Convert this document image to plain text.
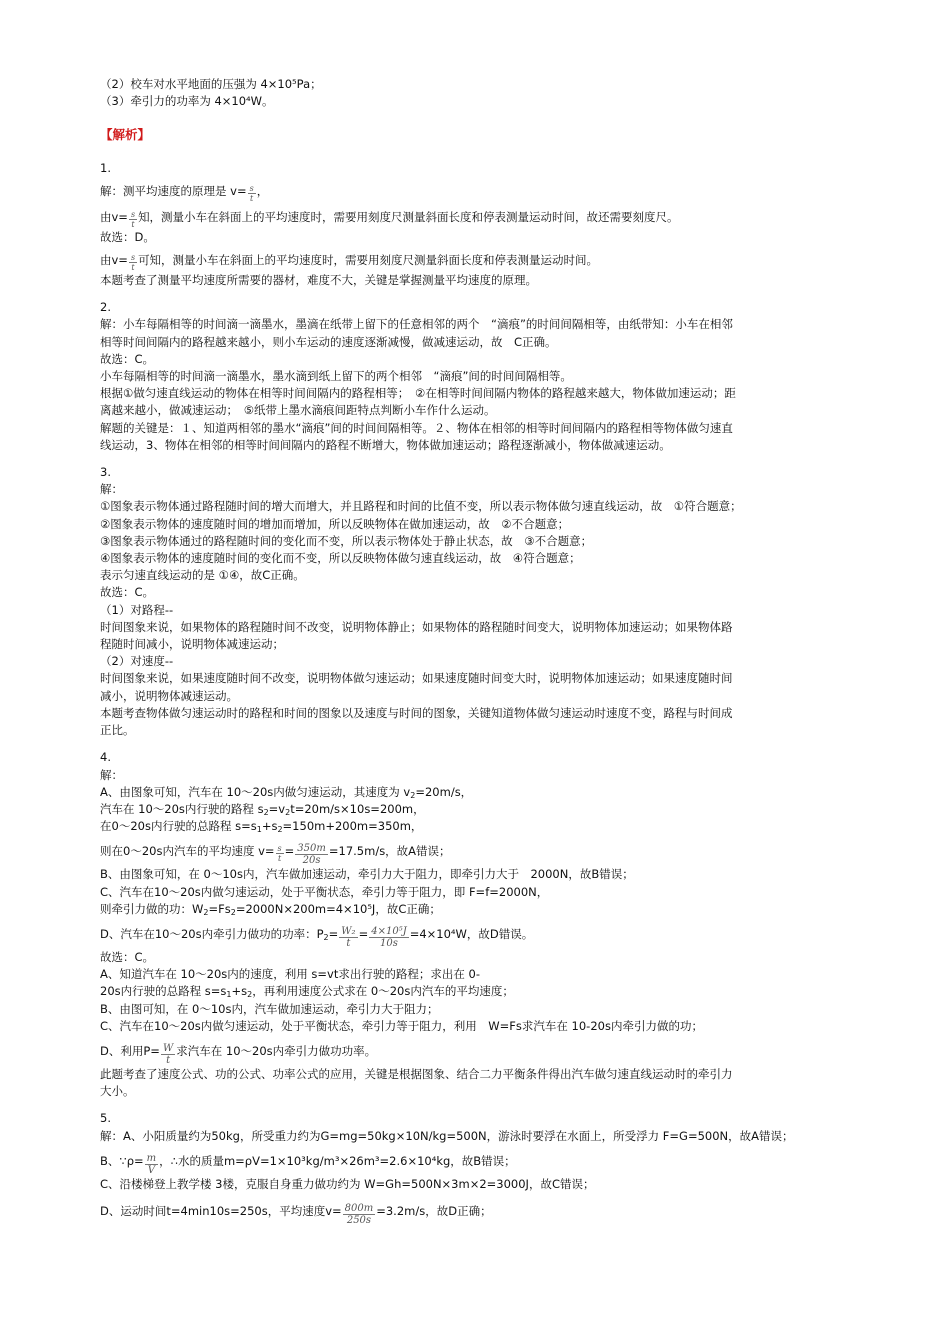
（2）校车对水平地面的压强为 4×10⁵Pa；
（3）牵引力的功率为 4×10⁴W。
【解析】
1.
解：测平均速度的原理是 $v= \frac{s}{t}$ ，
由$v= \frac{s}{t}$ 知，测量小车在斜面上的平均速度时，需要用刻度尺测量斜面长度和停表测量运动时间，故还需要刻度尺。
故选：D。
由$v= \frac{s}{t}$ 可知，测量小车在斜面上的平均速度时，需要用刻度尺测量斜面长度和停表测量运动时间。
本题考查了测量平均速度所需要的器材，难度不大，关键是掌握测量平均速度的原理。
2.
解：小车每隔相等的时间滴一滴墨水，墨滴在纸带上留下的任意相邻的两个　“滴痕”的时间间隔相等，由纸带知：小车在相邻
相等时间间隔内的路程越来越小，则小车运动的速度逐渐减慢，做减速运动，故　C正确。
故选：C。
小车每隔相等的时间滴一滴墨水，墨水滴到纸上留下的两个相邻　“滴痕”间的时间间隔相等。
根据①做匀速直线运动的物体在相等时间间隔内的路程相等；　②在相等时间间隔内物体的路程越来越大，物体做加速运动；距
离越来越小，做减速运动；　⑤纸带上墨水滴痕间距特点判断小车作什么运动。
解题的关键是：１、知道两相邻的墨水“滴痕”间的时间间隔相等。２、物体在相邻的相等时间间隔内的路程相等物体做匀速直
线运动，3、物体在相邻的相等时间间隔内的路程不断增大，物体做加速运动；路程逐渐减小，物体做减速运动。
3.
解：
①图象表示物体通过路程随时间的增大而增大，并且路程和时间的比值不变，所以表示物体做匀速直线运动，故　①符合题意；
②图象表示物体的速度随时间的增加而增加，所以反映物体在做加速运动，故　②不合题意；
③图象表示物体通过的路程随时间的变化而不变，所以表示物体处于静止状态，故　③不合题意；
④图象表示物体的速度随时间的变化而不变，所以反映物体做匀速直线运动，故　④符合题意；
表示匀速直线运动的是 ①④，故C正确。
故选：C。
（1）对路程--
时间图象来说，如果物体的路程随时间不改变，说明物体静止；如果物体的路程随时间变大，说明物体加速运动；如果物体路
程随时间减小，说明物体减速运动；
（2）对速度--
时间图象来说，如果速度随时间不改变，说明物体做匀速运动；如果速度随时间变大时，说明物体加速运动；如果速度随时间
减小，说明物体减速运动。
本题考查物体做匀速运动时的路程和时间的图象以及速度与时间的图象，关键知道物体做匀速运动时速度不变，路程与时间成
正比。
4.
解：
A、由图象可知，汽车在 10～20s内做匀速运动，其速度为 $v_2=20m/s$，
汽车在 10～20s内行驶的路程 $s_2=v_2t=20m/s\times 10s=200m$，
在0～20s内行驶的总路程 $s=s_1+s_2=150m+200m=350m$，
则在0～20s内汽车的平均速度 $v= \frac{s}{t} = \frac{350m}{20s} =17.5m/s$，故A错误；
B、由图象可知，在 0～10s内，汽车做加速运动，牵引力大于阻力，即牵引力大于　2000N，故B错误；
C、汽车在10～20s内做匀速运动，处于平衡状态，牵引力等于阻力，即 F=f=2000N，
则牵引力做的功：$W_2=Fs_2=2000N\times 200m=4\times 10^5J$，故C正确；
D、汽车在10～20s内牵引力做功的功率：$P_2= \frac{\text{W₂}}{t} = \frac{\text{4×10⁵J}}{10s} =4\times 10^4W$，故D错误。
故选：C。
A、知道汽车在 10～20s内的速度，利用 s=vt求出行驶的路程；求出在 0-
20s内行驶的总路程 $s=s_1+s_2$，再利用速度公式求在 0～20s内汽车的平均速度；
B、由图可知，在 0～10s内，汽车做加速运动，牵引力大于阻力；
C、汽车在10～20s内做匀速运动，处于平衡状态，牵引力等于阻力，利用　W=Fs求汽车在 10-20s内牵引力做的功；
D、利用$P= \frac{W}{t}$ 求汽车在 10～20s内牵引力做功功率。
此题考查了速度公式、功的公式、功率公式的应用，关键是根据图象、结合二力平衡条件得出汽车做匀速直线运动时的牵引力
大小。
5.
解：A、小阳质量约为50kg，所受重力约为G=mg=50kg×10N/kg=500N，游泳时要浮在水面上，所受浮力 F=G=500N，故A错误；
B、∵ρ= $\frac{m}{V}$ ，∴水的质量m=ρV=1×10³kg/m³×26m³=2.6×10⁴kg，故B错误；
C、沿楼梯登上教学楼 3楼，克服自身重力做功约为 W=Gh=500N×3m×2=3000J，故C错误；
D、运动时间t=4min10s=250s，平均速度$v= \frac{800m}{250s} =3.2m/s$，故D正确；
